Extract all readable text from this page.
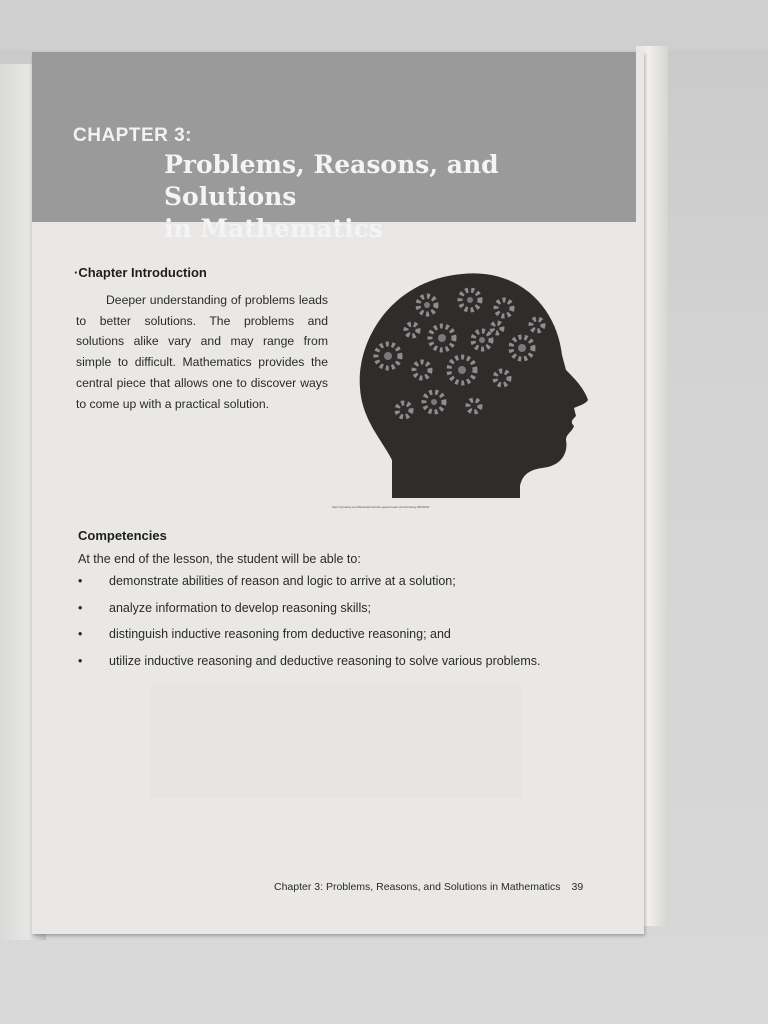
CHAPTER 3:
Problems, Reasons, and Solutions
in Mathematics
·Chapter Introduction
Deeper understanding of problems leads to better solutions. The problems and solutions alike vary and may range from simple to difficult. Mathematics provides the central piece that allows one to discover ways to come up with a practical solution.
https://pixabay.com/illustrations/brain-gears-head-mind-thinking-3829316/
Competencies
At the end of the lesson, the student will be able to:
• demonstrate abilities of reason and logic to arrive at a solution;
• analyze information to develop reasoning skills;
• distinguish inductive reasoning from deductive reasoning; and
• utilize inductive reasoning and deductive reasoning to solve various problems.
Chapter 3: Problems, Reasons, and Solutions in Mathematics 39
